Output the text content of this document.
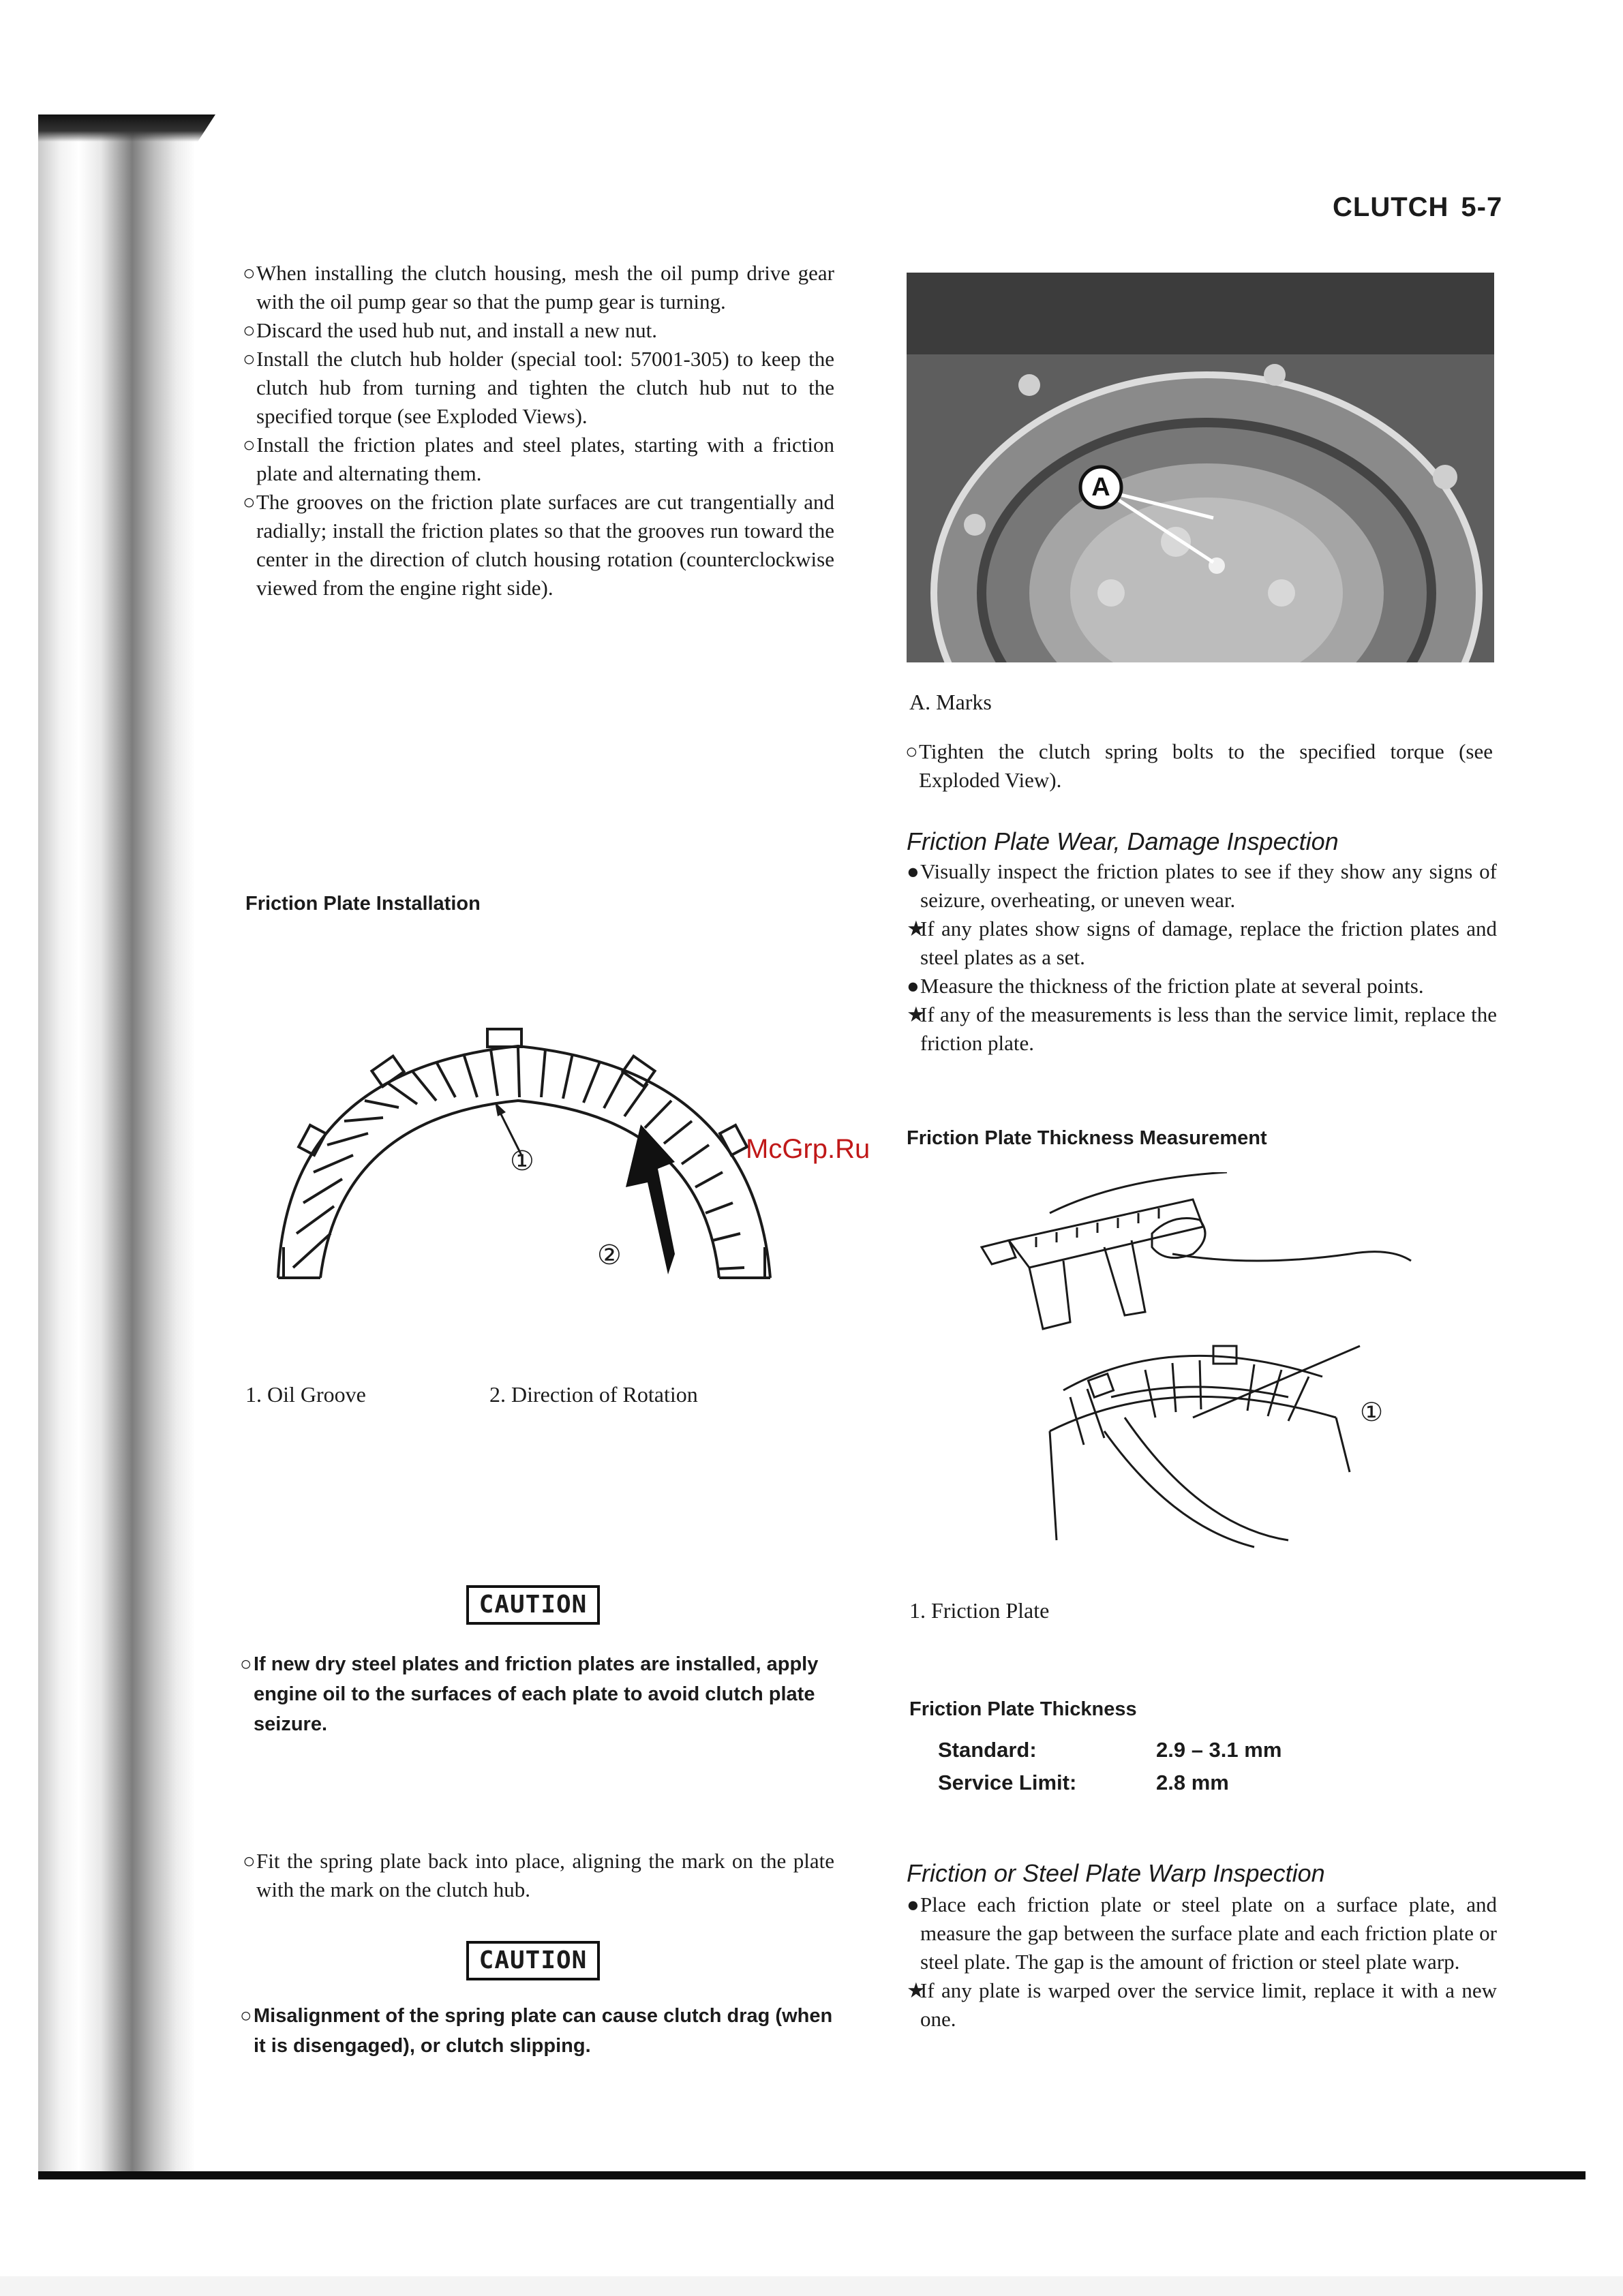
CLUTCH 5-7

○When installing the clutch housing, mesh the oil pump drive gear with the oil pump gear so that the pump gear is turning.

○Discard the used hub nut, and install a new nut.

○Install the clutch hub holder (special tool: 57001-305) to keep the clutch hub from turning and tighten the clutch hub nut to the specified torque (see Exploded Views).

○Install the friction plates and steel plates, starting with a friction plate and alternating them.

○The grooves on the friction plate surfaces are cut trangentially and radially; install the friction plates so that the grooves run toward the center in the direction of clutch housing rotation (counterclockwise viewed from the engine right side).

Friction Plate Installation
①
②
1. Oil Groove	2. Direction of Rotation
CAUTION
○If new dry steel plates and friction plates are installed, apply engine oil to the surfaces of each plate to avoid clutch plate seizure.
○Fit the spring plate back into place, aligning the mark on the plate with the mark on the clutch hub.
CAUTION
○Misalignment of the spring plate can cause clutch drag (when it is disengaged), or clutch slipping.
McGrp.Ru
A
A. Marks
○Tighten the clutch spring bolts to the specified torque (see Exploded View).
Friction Plate Wear, Damage Inspection

●Visually inspect the friction plates to see if they show any signs of seizure, overheating, or uneven wear.

★If any plates show signs of damage, replace the friction plates and steel plates as a set.

●Measure the thickness of the friction plate at several points.

★If any of the measurements is less than the service limit, replace the friction plate.

Friction Plate Thickness Measurement
①
1. Friction Plate
Friction Plate Thickness
Standard:	2.9 – 3.1 mm
Service Limit:	2.8 mm
Friction or Steel Plate Warp Inspection

●Place each friction plate or steel plate on a surface plate, and measure the gap between the surface plate and each friction plate or steel plate. The gap is the amount of friction or steel plate warp.

★If any plate is warped over the service limit, replace it with a new one.
